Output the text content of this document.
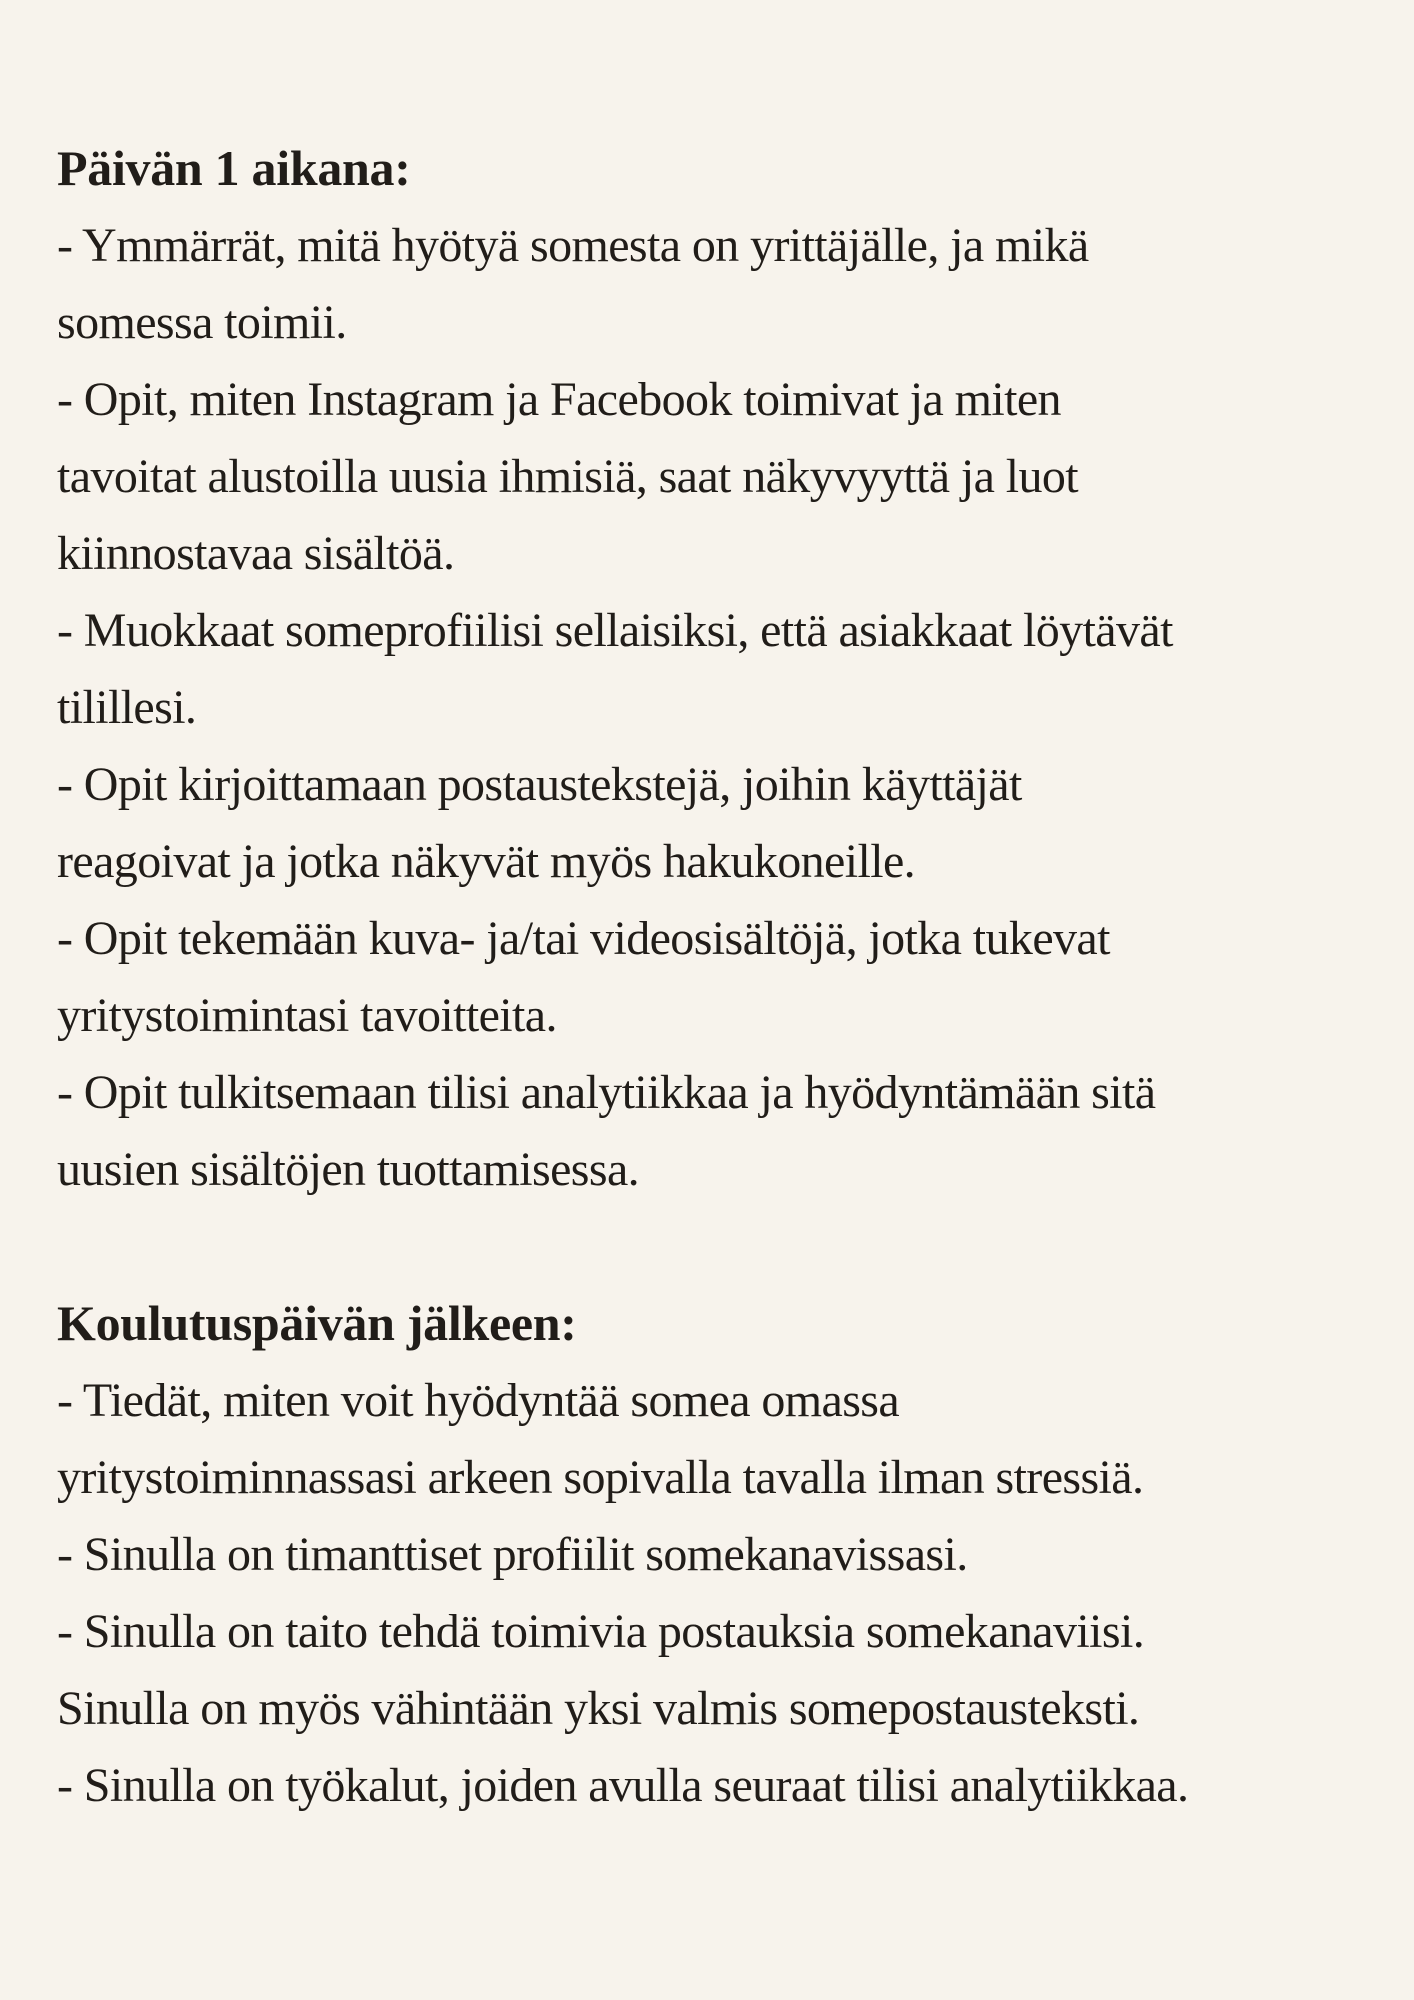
Päivän 1 aikana:
- Ymmärrät, mitä hyötyä somesta on yrittäjälle, ja mikä
somessa toimii.
- Opit, miten Instagram ja Facebook toimivat ja miten
tavoitat alustoilla uusia ihmisiä, saat näkyvyyttä ja luot
kiinnostavaa sisältöä.
- Muokkaat someprofiilisi sellaisiksi, että asiakkaat löytävät
tilillesi.
- Opit kirjoittamaan postaustekstejä, joihin käyttäjät
reagoivat ja jotka näkyvät myös hakukoneille.
- Opit tekemään kuva- ja/tai videosisältöjä, jotka tukevat
yritystoimintasi tavoitteita.
- Opit tulkitsemaan tilisi analytiikkaa ja hyödyntämään sitä
uusien sisältöjen tuottamisessa.
Koulutuspäivän jälkeen:
- Tiedät, miten voit hyödyntää somea omassa
yritystoiminnassasi arkeen sopivalla tavalla ilman stressiä.
- Sinulla on timanttiset profiilit somekanavissasi.
- Sinulla on taito tehdä toimivia postauksia somekanaviisi.
Sinulla on myös vähintään yksi valmis somepostausteksti.
- Sinulla on työkalut, joiden avulla seuraat tilisi analytiikkaa.
